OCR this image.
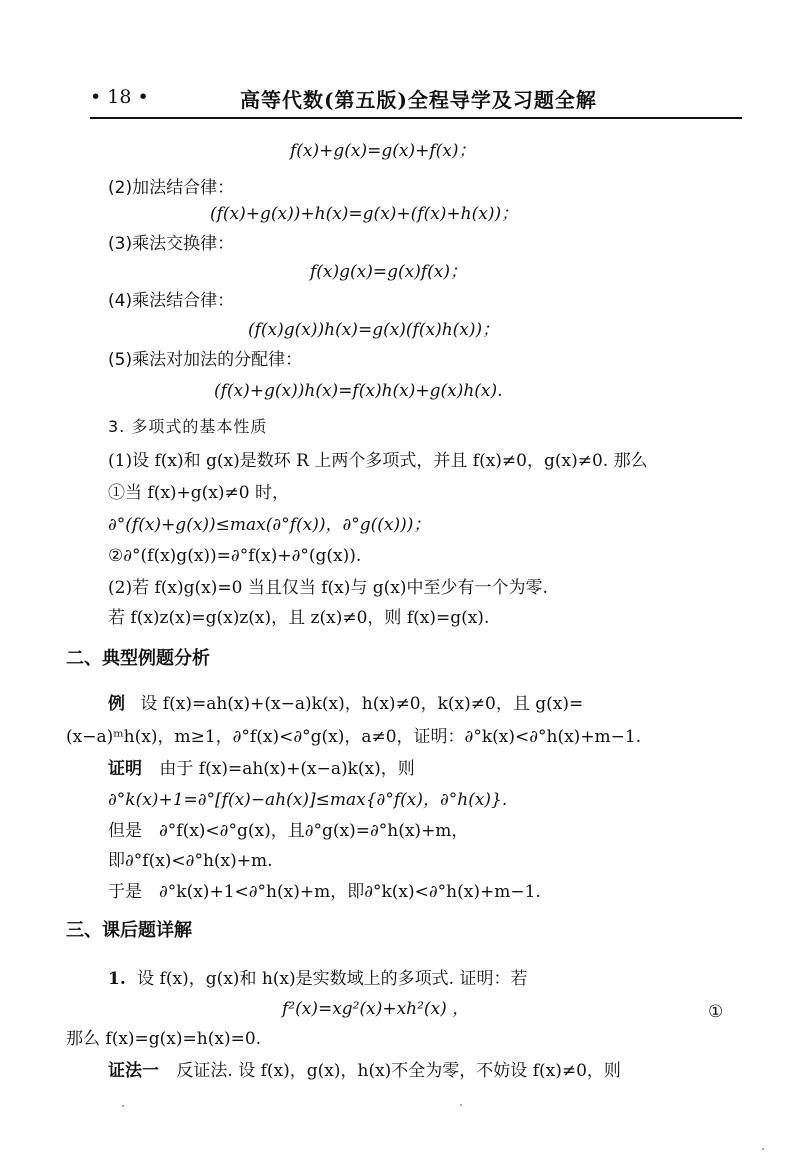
• 18 •	高等代数(第五版)全程导学及习题全解
f(x)+g(x)=g(x)+f(x)；
(2)加法结合律：
(f(x)+g(x))+h(x)=g(x)+(f(x)+h(x))；
(3)乘法交换律：
f(x)g(x)=g(x)f(x)；
(4)乘法结合律：
(f(x)g(x))h(x)=g(x)(f(x)h(x))；
(5)乘法对加法的分配律：
(f(x)+g(x))h(x)=f(x)h(x)+g(x)h(x).
3. 多项式的基本性质
(1)设 f(x)和 g(x)是数环 R 上两个多项式，并且 f(x)≠0，g(x)≠0. 那么
①当 f(x)+g(x)≠0 时，
∂°(f(x)+g(x))≤max(∂°f(x))，∂°g((x)))；
②∂°(f(x)g(x))=∂°f(x)+∂°(g(x)).
(2)若 f(x)g(x)=0 当且仅当 f(x)与 g(x)中至少有一个为零.
若 f(x)z(x)=g(x)z(x)，且 z(x)≠0，则 f(x)=g(x).
二、典型例题分析
例 设 f(x)=ah(x)+(x−a)k(x)，h(x)≠0，k(x)≠0，且 g(x)=
(x−a)ᵐh(x)，m≥1，∂°f(x)<∂°g(x)，a≠0，证明：∂°k(x)<∂°h(x)+m−1.
证明 由于 f(x)=ah(x)+(x−a)k(x)，则
∂°k(x)+1=∂°[f(x)−ah(x)]≤max{∂°f(x)，∂°h(x)}.
但是　∂°f(x)<∂°g(x)，且∂°g(x)=∂°h(x)+m，
即∂°f(x)<∂°h(x)+m.
于是　∂°k(x)+1<∂°h(x)+m，即∂°k(x)<∂°h(x)+m−1.
三、课后题详解
1. 设 f(x)，g(x)和 h(x)是实数域上的多项式. 证明：若
f²(x)=xg²(x)+xh²(x) ，	①
那么 f(x)=g(x)=h(x)=0.
证法一 反证法. 设 f(x)，g(x)，h(x)不全为零，不妨设 f(x)≠0，则
